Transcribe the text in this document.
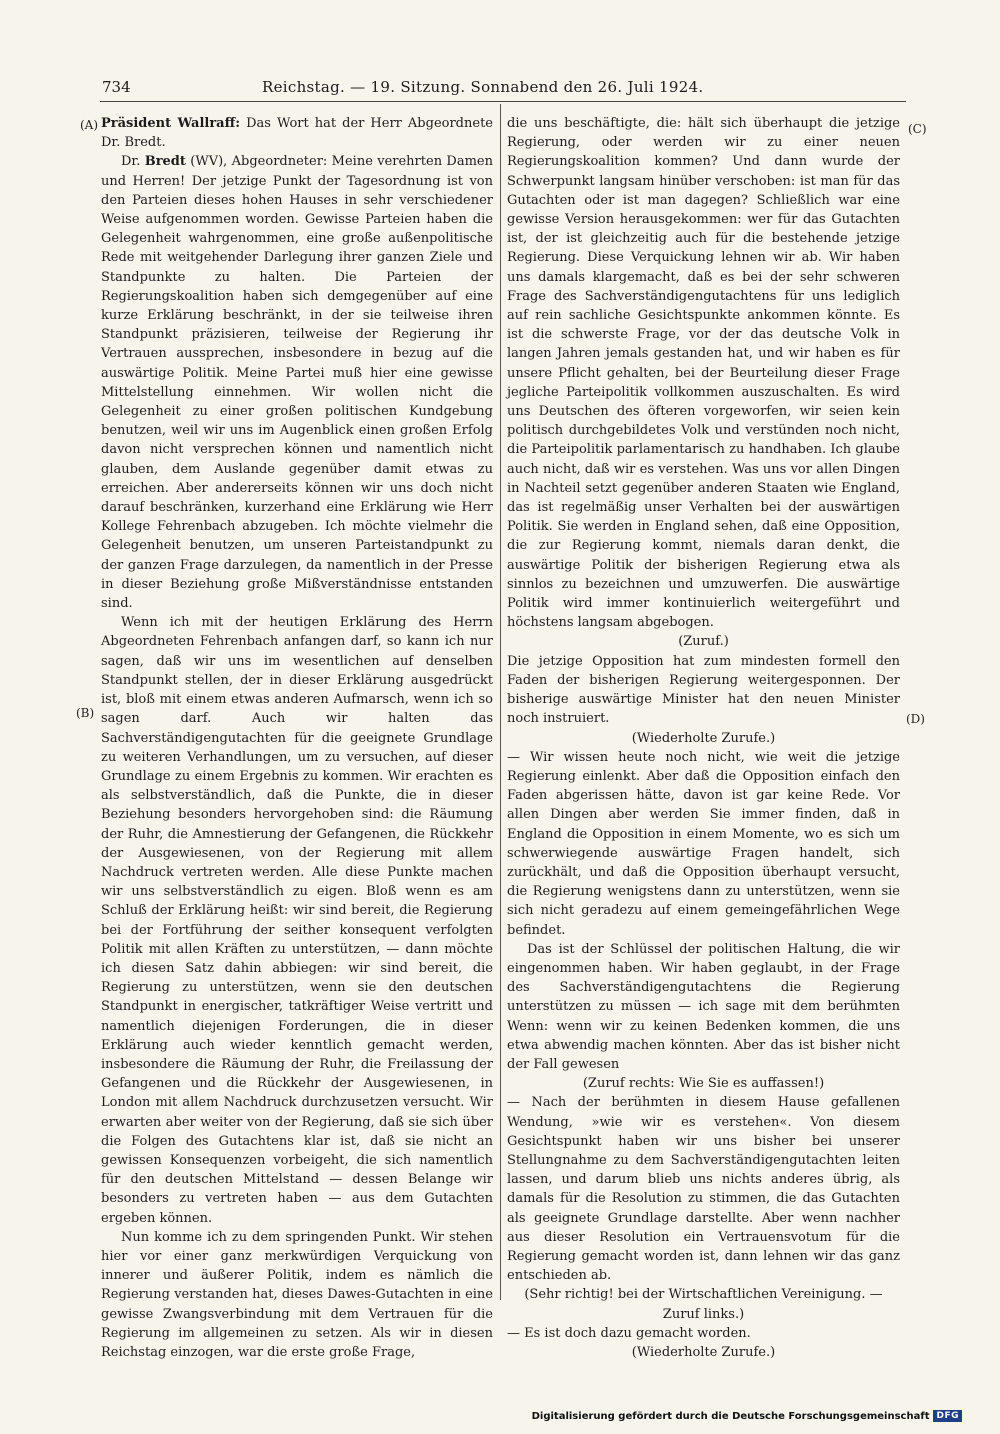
734	Reichstag. — 19. Sitzung. Sonnabend den 26. Juli 1924.
(A)
(B)
(C)
(D)

Präsident Wallraff: Das Wort hat der Herr Abgeordnete Dr. Bredt.

Dr. Bredt (WV), Abgeordneter: Meine verehrten Damen und Herren! Der jetzige Punkt der Tagesordnung ist von den Parteien dieses hohen Hauses in sehr verschiedener Weise aufgenommen worden. Gewisse Parteien haben die Gelegenheit wahrgenommen, eine große außenpolitische Rede mit weitgehender Darlegung ihrer ganzen Ziele und Standpunkte zu halten. Die Parteien der Regierungskoalition haben sich demgegenüber auf eine kurze Erklärung beschränkt, in der sie teilweise ihren Standpunkt präzisieren, teilweise der Regierung ihr Vertrauen aussprechen, insbesondere in bezug auf die auswärtige Politik. Meine Partei muß hier eine gewisse Mittelstellung einnehmen. Wir wollen nicht die Gelegenheit zu einer großen politischen Kundgebung benutzen, weil wir uns im Augenblick einen großen Erfolg davon nicht versprechen können und namentlich nicht glauben, dem Auslande gegenüber damit etwas zu erreichen. Aber andererseits können wir uns doch nicht darauf beschränken, kurzerhand eine Erklärung wie Herr Kollege Fehrenbach abzugeben. Ich möchte vielmehr die Gelegenheit benutzen, um unseren Parteistandpunkt zu der ganzen Frage darzulegen, da namentlich in der Presse in dieser Beziehung große Mißverständnisse entstanden sind.

Wenn ich mit der heutigen Erklärung des Herrn Abgeordneten Fehrenbach anfangen darf, so kann ich nur sagen, daß wir uns im wesentlichen auf denselben Standpunkt stellen, der in dieser Erklärung ausgedrückt ist, bloß mit einem etwas anderen Aufmarsch, wenn ich so sagen darf. Auch wir halten das Sachverständigengutachten für die geeignete Grundlage zu weiteren Verhandlungen, um zu versuchen, auf dieser Grundlage zu einem Ergebnis zu kommen. Wir erachten es als selbstverständlich, daß die Punkte, die in dieser Beziehung besonders hervorgehoben sind: die Räumung der Ruhr, die Amnestierung der Gefangenen, die Rückkehr der Ausgewiesenen, von der Regierung mit allem Nachdruck vertreten werden. Alle diese Punkte machen wir uns selbstverständlich zu eigen. Bloß wenn es am Schluß der Erklärung heißt: wir sind bereit, die Regierung bei der Fortführung der seither konsequent verfolgten Politik mit allen Kräften zu unterstützen, — dann möchte ich diesen Satz dahin abbiegen: wir sind bereit, die Regierung zu unterstützen, wenn sie den deutschen Standpunkt in energischer, tatkräftiger Weise vertritt und namentlich diejenigen Forderungen, die in dieser Erklärung auch wieder kenntlich gemacht werden, insbesondere die Räumung der Ruhr, die Freilassung der Gefangenen und die Rückkehr der Ausgewiesenen, in London mit allem Nachdruck durchzusetzen versucht. Wir erwarten aber weiter von der Regierung, daß sie sich über die Folgen des Gutachtens klar ist, daß sie nicht an gewissen Konsequenzen vorbeigeht, die sich namentlich für den deutschen Mittelstand — dessen Belange wir besonders zu vertreten haben — aus dem Gutachten ergeben können.

Nun komme ich zu dem springenden Punkt. Wir stehen hier vor einer ganz merkwürdigen Verquickung von innerer und äußerer Politik, indem es nämlich die Regierung verstanden hat, dieses Dawes-Gutachten in eine gewisse Zwangsverbindung mit dem Vertrauen für die Regierung im allgemeinen zu setzen. Als wir in diesen Reichstag einzogen, war die erste große Frage,

die uns beschäftigte, die: hält sich überhaupt die jetzige Regierung, oder werden wir zu einer neuen Regierungskoalition kommen? Und dann wurde der Schwerpunkt langsam hinüber verschoben: ist man für das Gutachten oder ist man dagegen? Schließlich war eine gewisse Version herausgekommen: wer für das Gutachten ist, der ist gleichzeitig auch für die bestehende jetzige Regierung. Diese Verquickung lehnen wir ab. Wir haben uns damals klargemacht, daß es bei der sehr schweren Frage des Sachverständigengutachtens für uns lediglich auf rein sachliche Gesichtspunkte ankommen könnte. Es ist die schwerste Frage, vor der das deutsche Volk in langen Jahren jemals gestanden hat, und wir haben es für unsere Pflicht gehalten, bei der Beurteilung dieser Frage jegliche Parteipolitik vollkommen auszuschalten. Es wird uns Deutschen des öfteren vorgeworfen, wir seien kein politisch durchgebildetes Volk und verstünden noch nicht, die Parteipolitik parlamentarisch zu handhaben. Ich glaube auch nicht, daß wir es verstehen. Was uns vor allen Dingen in Nachteil setzt gegenüber anderen Staaten wie England, das ist regelmäßig unser Verhalten bei der auswärtigen Politik. Sie werden in England sehen, daß eine Opposition, die zur Regierung kommt, niemals daran denkt, die auswärtige Politik der bisherigen Regierung etwa als sinnlos zu bezeichnen und umzuwerfen. Die auswärtige Politik wird immer kontinuierlich weitergeführt und höchstens langsam abgebogen.

(Zuruf.)

Die jetzige Opposition hat zum mindesten formell den Faden der bisherigen Regierung weitergesponnen. Der bisherige auswärtige Minister hat den neuen Minister noch instruiert.

(Wiederholte Zurufe.)

— Wir wissen heute noch nicht, wie weit die jetzige Regierung einlenkt. Aber daß die Opposition einfach den Faden abgerissen hätte, davon ist gar keine Rede. Vor allen Dingen aber werden Sie immer finden, daß in England die Opposition in einem Momente, wo es sich um schwerwiegende auswärtige Fragen handelt, sich zurückhält, und daß die Opposition überhaupt versucht, die Regierung wenigstens dann zu unterstützen, wenn sie sich nicht geradezu auf einem gemeingefährlichen Wege befindet.

Das ist der Schlüssel der politischen Haltung, die wir eingenommen haben. Wir haben geglaubt, in der Frage des Sachverständigengutachtens die Regierung unterstützen zu müssen — ich sage mit dem berühmten Wenn: wenn wir zu keinen Bedenken kommen, die uns etwa abwendig machen könnten. Aber das ist bisher nicht der Fall gewesen

(Zuruf rechts: Wie Sie es auffassen!)

— Nach der berühmten in diesem Hause gefallenen Wendung, »wie wir es verstehen«. Von diesem Gesichtspunkt haben wir uns bisher bei unserer Stellungnahme zu dem Sachverständigengutachten leiten lassen, und darum blieb uns nichts anderes übrig, als damals für die Resolution zu stimmen, die das Gutachten als geeignete Grundlage darstellte. Aber wenn nachher aus dieser Resolution ein Vertrauensvotum für die Regierung gemacht worden ist, dann lehnen wir das ganz entschieden ab.

(Sehr richtig! bei der Wirtschaftlichen Vereinigung. — Zuruf links.)

— Es ist doch dazu gemacht worden.

(Wiederholte Zurufe.)

Digitalisierung gefördert durch die Deutsche Forschungsgemeinschaft DFG
